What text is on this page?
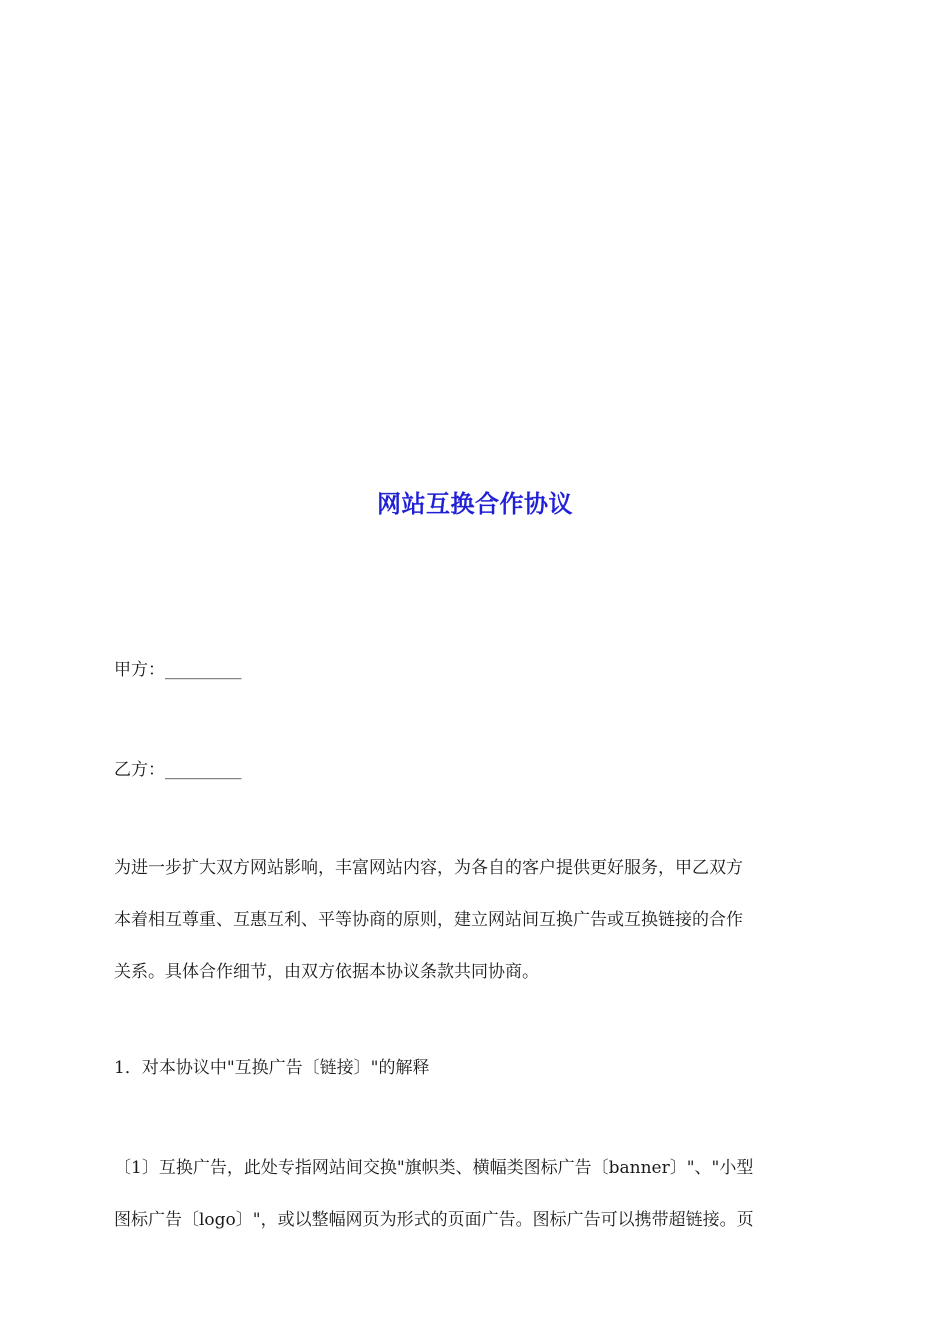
网站互换合作协议

甲方：_________

乙方：_________

为进一步扩大双方网站影响，丰富网站内容，为各自的客户提供更好服务，甲乙双方
本着相互尊重、互惠互利、平等协商的原则，建立网站间互换广告或互换链接的合作
关系。具体合作细节，由双方依据本协议条款共同协商。

1．对本协议中"互换广告〔链接〕"的解释

〔1〕互换广告，此处专指网站间交换"旗帜类、横幅类图标广告〔banner〕"、"小型
图标广告〔logo〕"，或以整幅网页为形式的页面广告。图标广告可以携带超链接。页
